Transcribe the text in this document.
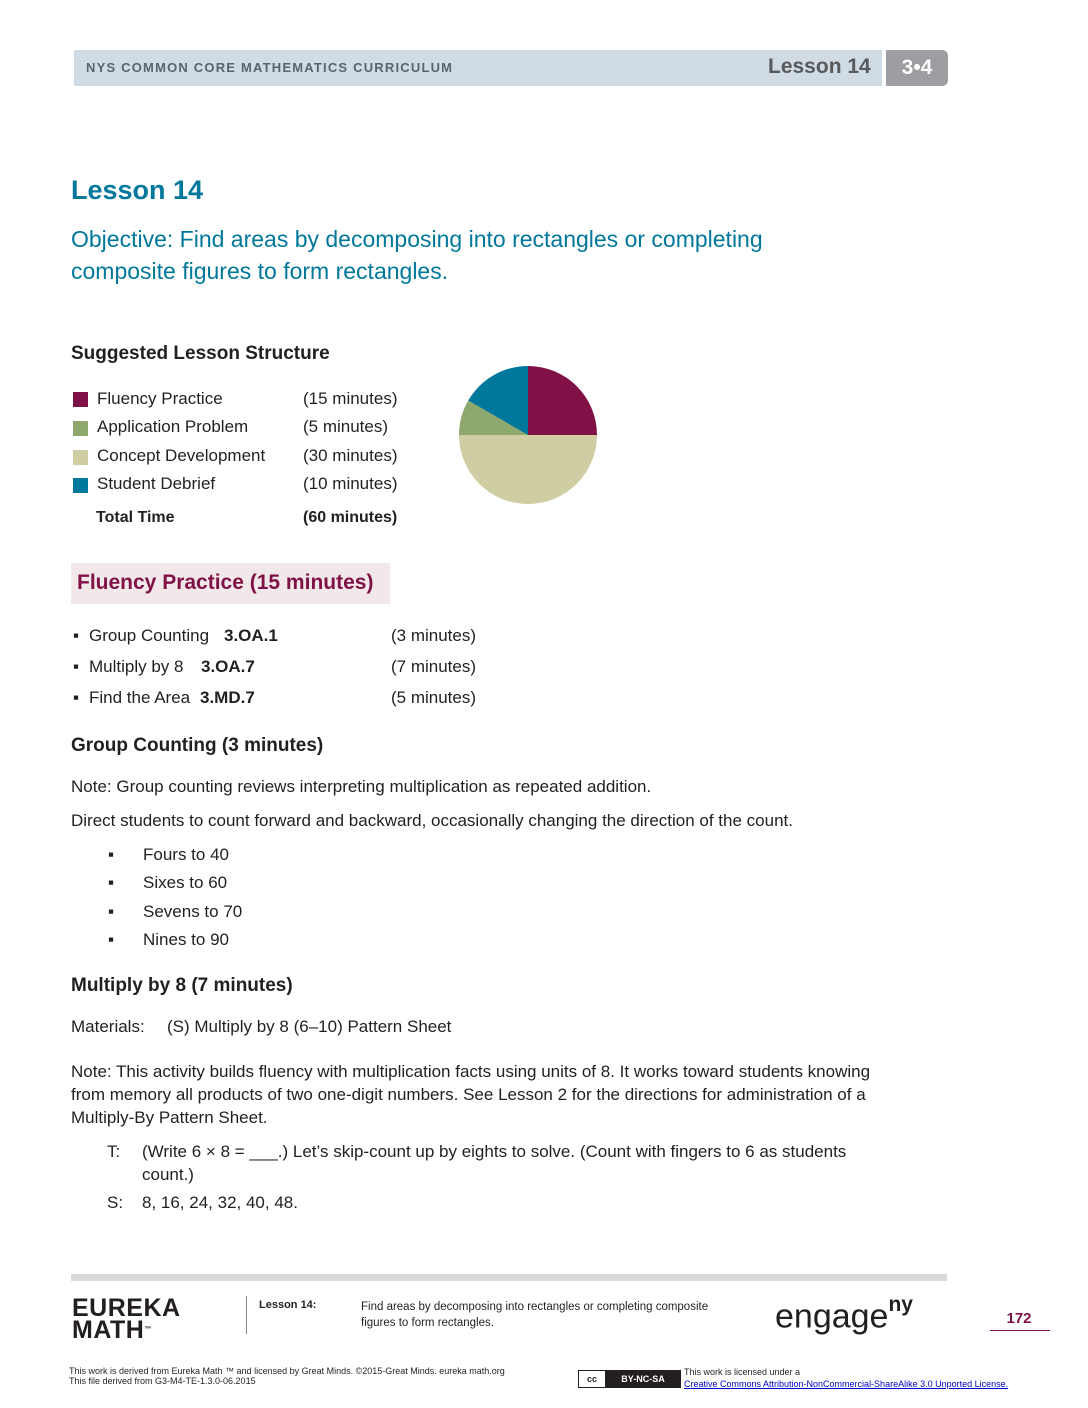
NYS COMMON CORE MATHEMATICS CURRICULUM	Lesson 14	3•4
Lesson 14
Objective: Find areas by decomposing into rectangles or completing
composite figures to form rectangles.
Suggested Lesson Structure
Fluency Practice	(15 minutes)
Application Problem	(5 minutes)
Concept Development (30 minutes)
Student Debrief	(10 minutes)
Total Time	(60 minutes)
Fluency Practice (15 minutes)
▪ Group Counting 3.OA.1	(3 minutes)
▪ Multiply by 8 3.OA.7	(7 minutes)
▪ Find the Area 3.MD.7	(5 minutes)
Group Counting (3 minutes)
Note: Group counting reviews interpreting multiplication as repeated addition.
Direct students to count forward and backward, occasionally changing the direction of the count.
▪ Fours to 40
▪ Sixes to 60
▪ Sevens to 70
▪ Nines to 90
Multiply by 8 (7 minutes)
Materials: (S) Multiply by 8 (6–10) Pattern Sheet
Note: This activity builds fluency with multiplication facts using units of 8. It works toward students knowing
from memory all products of two one-digit numbers. See Lesson 2 for the directions for administration of a
Multiply-By Pattern Sheet.
T: (Write 6 × 8 = ___.) Let’s skip-count up by eights to solve. (Count with fingers to 6 as students
count.)
S: 8, 16, 24, 32, 40, 48.
EUREKA
MATH™
Lesson 14:	Find areas by decomposing into rectangles or completing composite
figures to form rectangles.	engage$^{ny}$
172
This work is derived from Eureka Math ™ and licensed by Great Minds. ©2015-Great Minds. eureka math.org
This file derived from G3-M4-TE-1.3.0-06.2015	cc	BY-NC-SA
This work is licensed under a
Creative Commons Attribution-NonCommercial-ShareAlike 3.0 Unported License.
